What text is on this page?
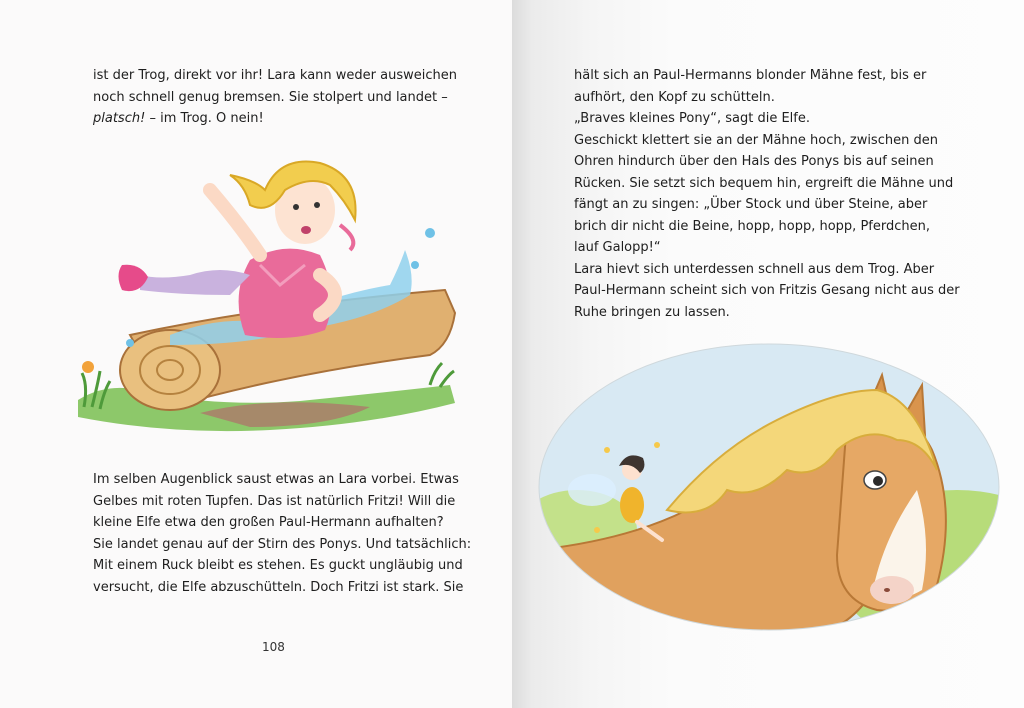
ist der Trog, direkt vor ihr! Lara kann weder ausweichen
noch schnell genug bremsen. Sie stolpert und landet –
platsch! – im Trog. O nein!
Im selben Augenblick saust etwas an Lara vorbei. Etwas
Gelbes mit roten Tupfen. Das ist natürlich Fritzi! Will die
kleine Elfe etwa den großen Paul-Hermann aufhalten?
Sie landet genau auf der Stirn des Ponys. Und tatsächlich:
Mit einem Ruck bleibt es stehen. Es guckt ungläubig und
versucht, die Elfe abzuschütteln. Doch Fritzi ist stark. Sie
108
hält sich an Paul-Hermanns blonder Mähne fest, bis er
aufhört, den Kopf zu schütteln.
„Braves kleines Pony“, sagt die Elfe.
Geschickt klettert sie an der Mähne hoch, zwischen den
Ohren hindurch über den Hals des Ponys bis auf seinen
Rücken. Sie setzt sich bequem hin, ergreift die Mähne und
fängt an zu singen: „Über Stock und über Steine, aber
brich dir nicht die Beine, hopp, hopp, hopp, Pferdchen,
lauf Galopp!“
Lara hievt sich unterdessen schnell aus dem Trog. Aber
Paul-Hermann scheint sich von Fritzis Gesang nicht aus der
Ruhe bringen zu lassen.
